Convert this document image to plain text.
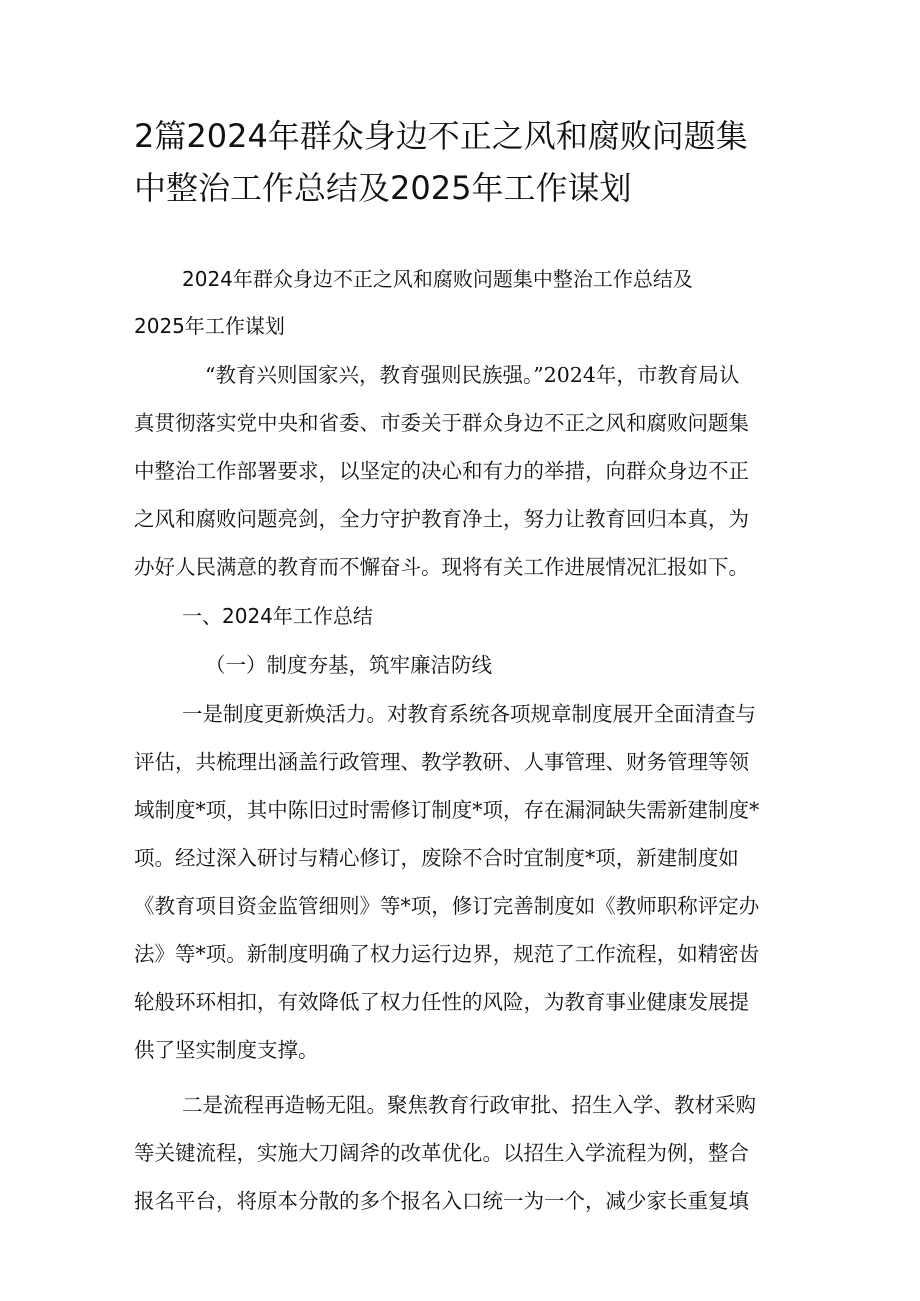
2篇2024年群众身边不正之风和腐败问题集
中整治工作总结及2025年工作谋划
2024年群众身边不正之风和腐败问题集中整治工作总结及
2025年工作谋划
“教育兴则国家兴，教育强则民族强。”2024年，市教育局认
真贯彻落实党中央和省委、市委关于群众身边不正之风和腐败问题集
中整治工作部署要求，以坚定的决心和有力的举措，向群众身边不正
之风和腐败问题亮剑，全力守护教育净土，努力让教育回归本真，为
办好人民满意的教育而不懈奋斗。现将有关工作进展情况汇报如下。
一、2024年工作总结
（一）制度夯基，筑牢廉洁防线
一是制度更新焕活力。对教育系统各项规章制度展开全面清查与
评估，共梳理出涵盖行政管理、教学教研、人事管理、财务管理等领
域制度*项，其中陈旧过时需修订制度*项，存在漏洞缺失需新建制度*
项。经过深入研讨与精心修订，废除不合时宜制度*项，新建制度如
《教育项目资金监管细则》等*项，修订完善制度如《教师职称评定办
法》等*项。新制度明确了权力运行边界，规范了工作流程，如精密齿
轮般环环相扣，有效降低了权力任性的风险，为教育事业健康发展提
供了坚实制度支撑。
二是流程再造畅无阻。聚焦教育行政审批、招生入学、教材采购
等关键流程，实施大刀阔斧的改革优化。以招生入学流程为例，整合
报名平台，将原本分散的多个报名入口统一为一个，减少家长重复填
